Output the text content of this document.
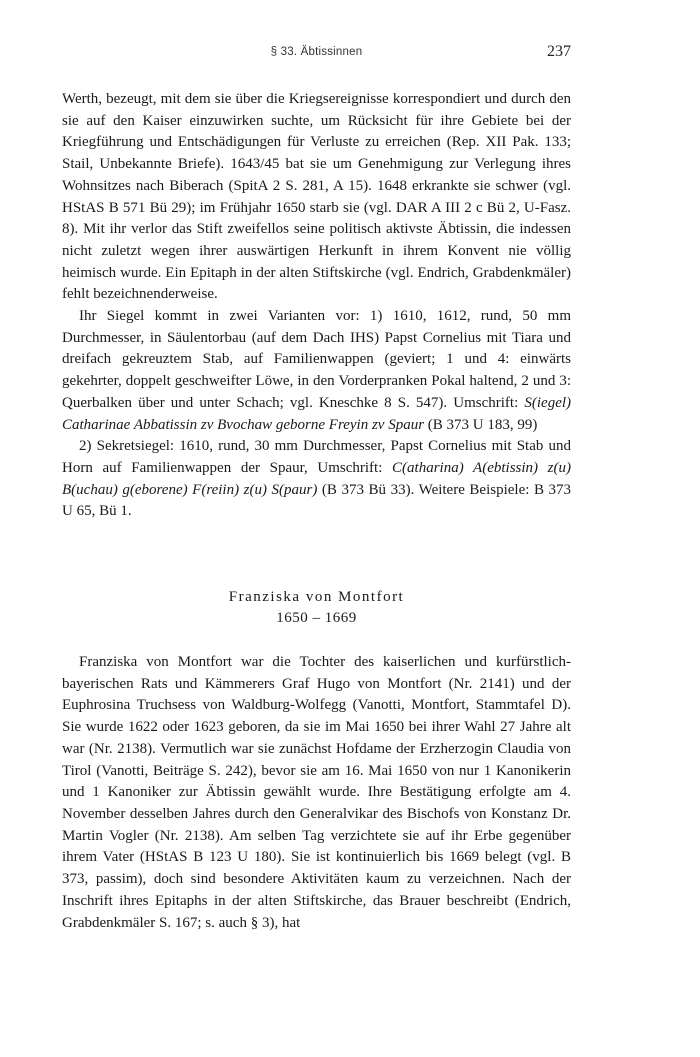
§ 33. Äbtissinnen	237

Werth, bezeugt, mit dem sie über die Kriegsereignisse korrespondiert und durch den sie auf den Kaiser einzuwirken suchte, um Rücksicht für ihre Gebiete bei der Kriegführung und Entschädigungen für Verluste zu erreichen (Rep. XII Pak. 133; Stail, Unbekannte Briefe). 1643/45 bat sie um Genehmigung zur Verlegung ihres Wohnsitzes nach Biberach (SpitA 2 S. 281, A 15). 1648 erkrankte sie schwer (vgl. HStAS B 571 Bü 29); im Frühjahr 1650 starb sie (vgl. DAR A III 2 c Bü 2, U-Fasz. 8). Mit ihr verlor das Stift zweifellos seine politisch aktivste Äbtissin, die indessen nicht zuletzt wegen ihrer auswärtigen Herkunft in ihrem Konvent nie völlig heimisch wurde. Ein Epitaph in der alten Stiftskirche (vgl. Endrich, Grabdenkmäler) fehlt bezeichnenderweise.

Ihr Siegel kommt in zwei Varianten vor: 1) 1610, 1612, rund, 50 mm Durchmesser, in Säulentorbau (auf dem Dach IHS) Papst Cornelius mit Tiara und dreifach gekreuztem Stab, auf Familienwappen (geviert; 1 und 4: einwärts gekehrter, doppelt geschweifter Löwe, in den Vorderpranken Pokal haltend, 2 und 3: Querbalken über und unter Schach; vgl. Kneschke 8 S. 547). Umschrift: S(iegel) Catharinae Abbatissin zv Bvochaw geborne Freyin zv Spaur (B 373 U 183, 99)

2) Sekretsiegel: 1610, rund, 30 mm Durchmesser, Papst Cornelius mit Stab und Horn auf Familienwappen der Spaur, Umschrift: C(atharina) A(ebtissin) z(u) B(uchau) g(eborene) F(reiin) z(u) S(paur) (B 373 Bü 33). Weitere Beispiele: B 373 U 65, Bü 1.

Franziska von Montfort
1650 – 1669

Franziska von Montfort war die Tochter des kaiserlichen und kurfürstlich-bayerischen Rats und Kämmerers Graf Hugo von Montfort (Nr. 2141) und der Euphrosina Truchsess von Waldburg-Wolfegg (Vanotti, Montfort, Stammtafel D). Sie wurde 1622 oder 1623 geboren, da sie im Mai 1650 bei ihrer Wahl 27 Jahre alt war (Nr. 2138). Vermutlich war sie zunächst Hofdame der Erzherzogin Claudia von Tirol (Vanotti, Beiträge S. 242), bevor sie am 16. Mai 1650 von nur 1 Kanonikerin und 1 Kanoniker zur Äbtissin gewählt wurde. Ihre Bestätigung erfolgte am 4. November desselben Jahres durch den Generalvikar des Bischofs von Konstanz Dr. Martin Vogler (Nr. 2138). Am selben Tag verzichtete sie auf ihr Erbe gegenüber ihrem Vater (HStAS B 123 U 180). Sie ist kontinuierlich bis 1669 belegt (vgl. B 373, passim), doch sind besondere Aktivitäten kaum zu verzeichnen. Nach der Inschrift ihres Epitaphs in der alten Stiftskirche, das Brauer beschreibt (Endrich, Grabdenkmäler S. 167; s. auch § 3), hat
